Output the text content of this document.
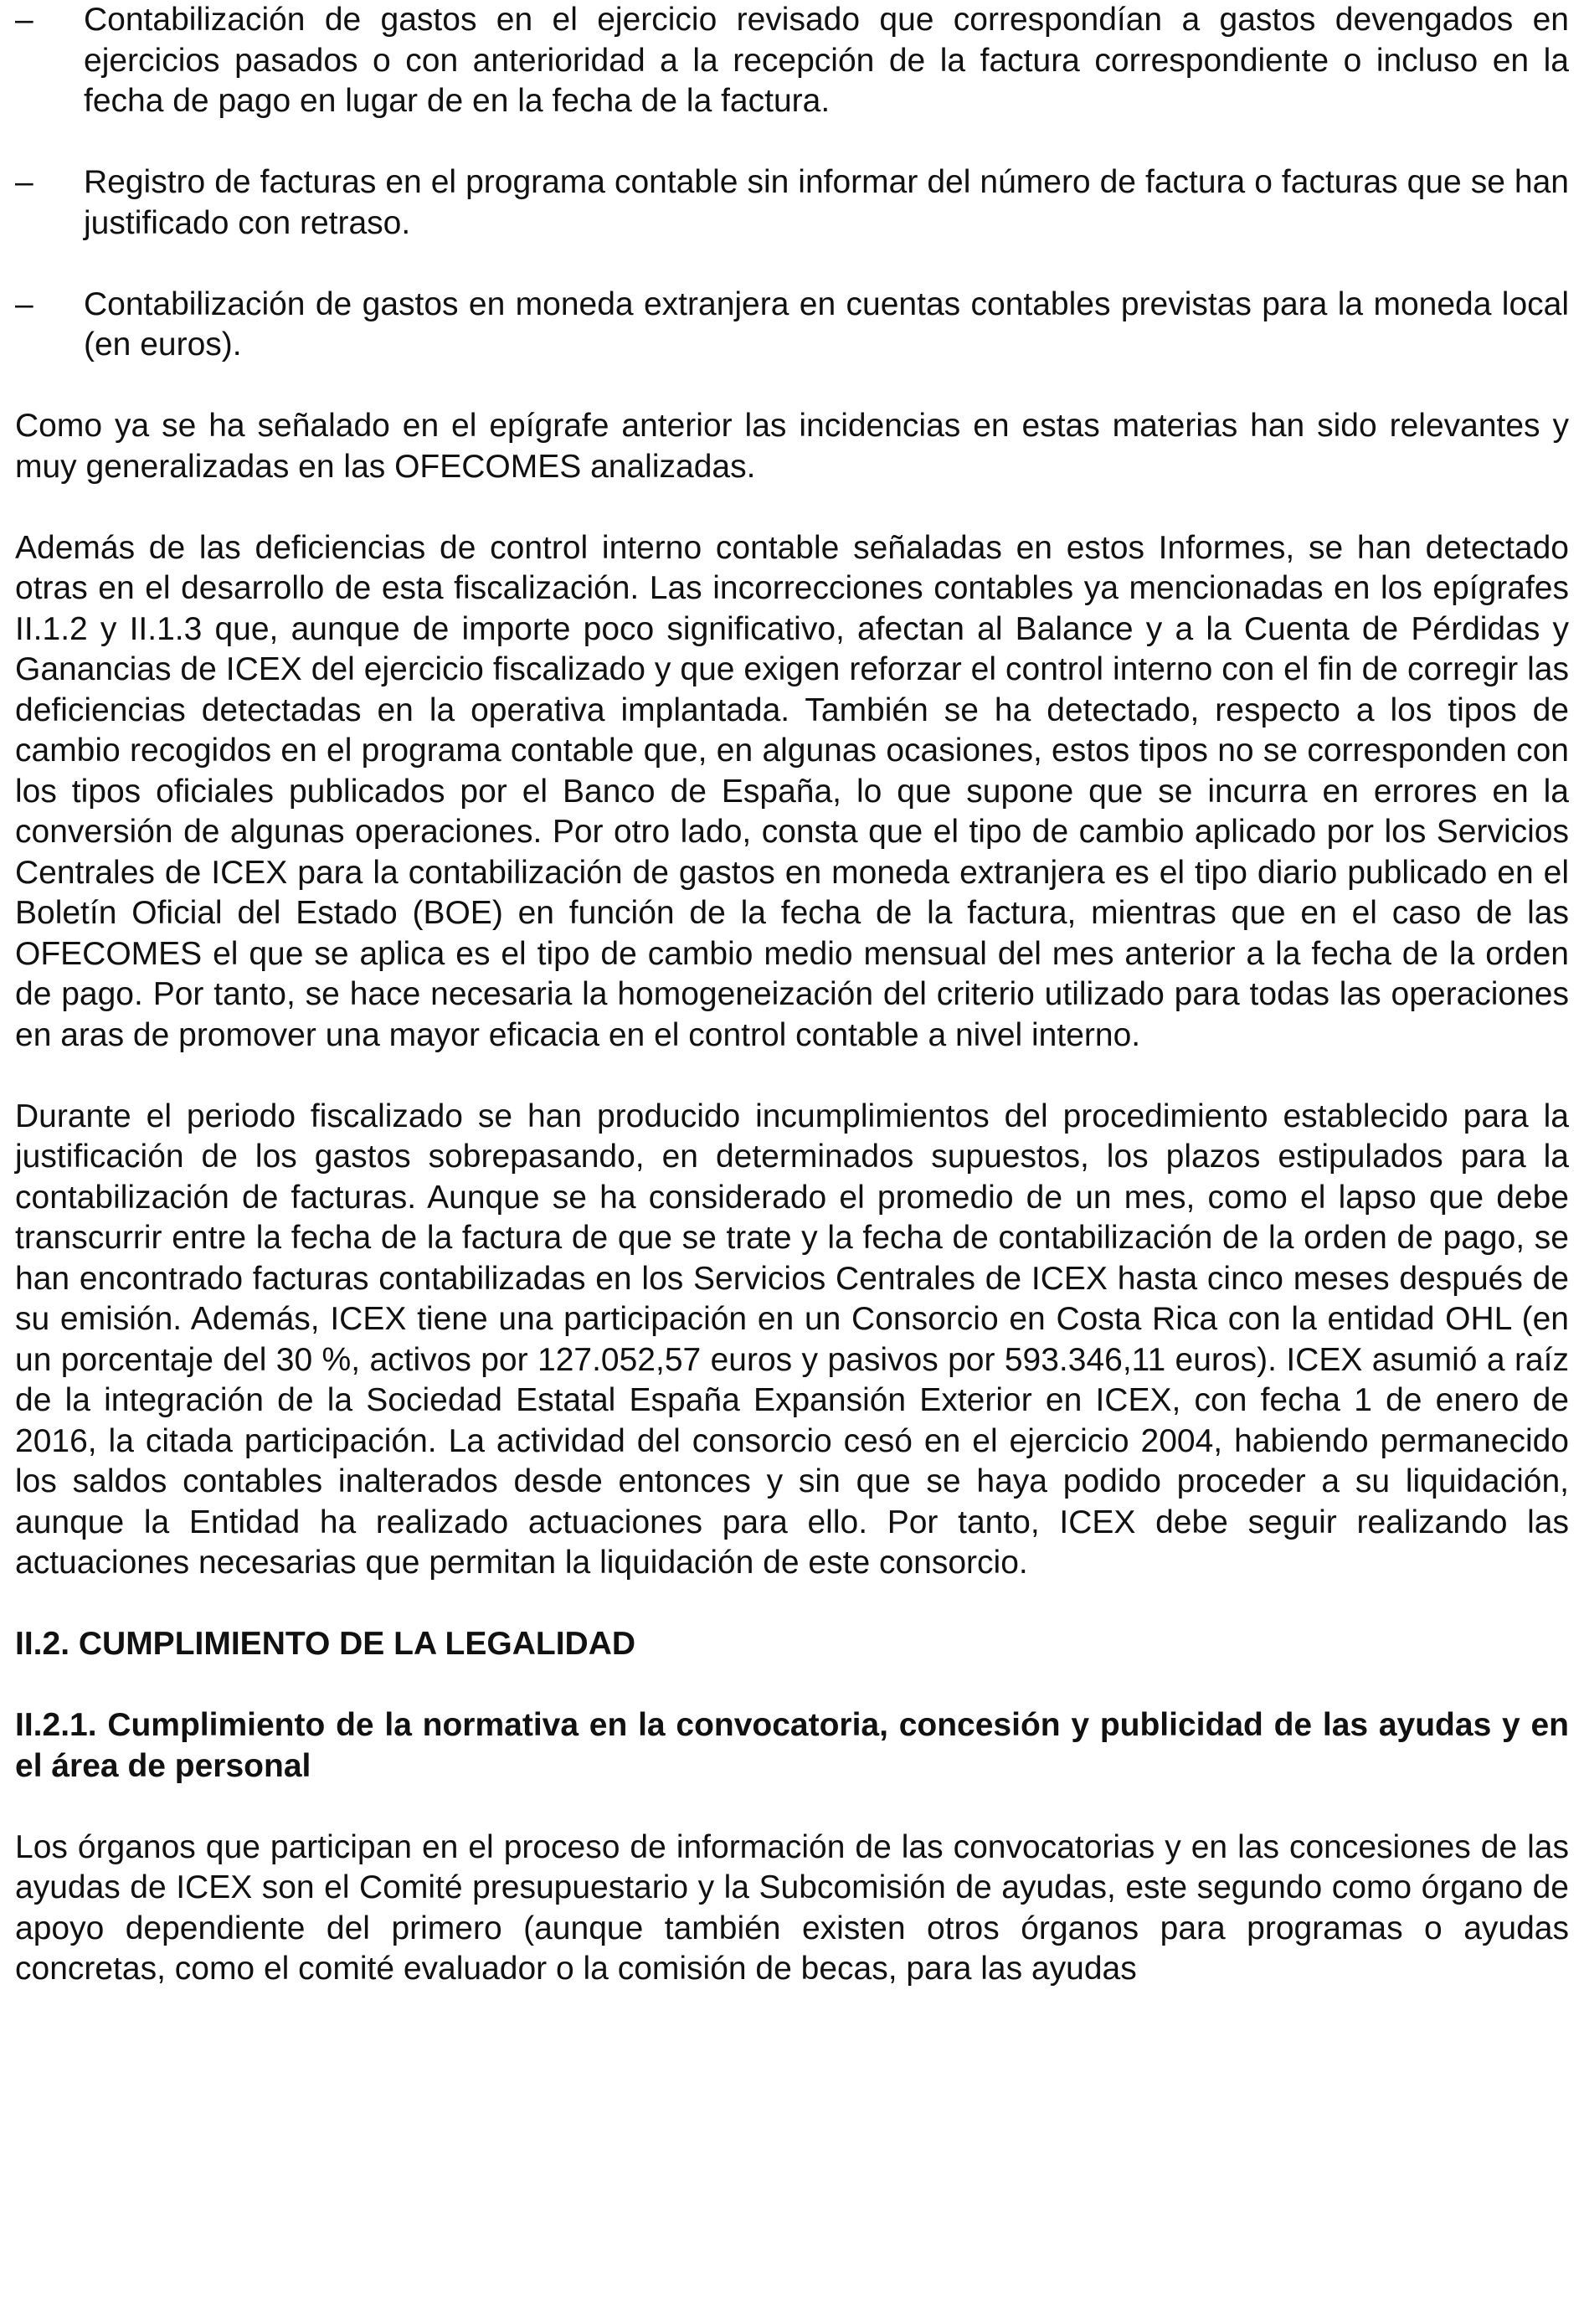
–	Contabilización de gastos en el ejercicio revisado que correspondían a gastos devengados en ejercicios pasados o con anterioridad a la recepción de la factura correspondiente o incluso en la fecha de pago en lugar de en la fecha de la factura.
–	Registro de facturas en el programa contable sin informar del número de factura o facturas que se han justificado con retraso.
–	Contabilización de gastos en moneda extranjera en cuentas contables previstas para la moneda local (en euros).

Como ya se ha señalado en el epígrafe anterior las incidencias en estas materias han sido relevantes y muy generalizadas en las OFECOMES analizadas.

Además de las deficiencias de control interno contable señaladas en estos Informes, se han detectado otras en el desarrollo de esta fiscalización. Las incorrecciones contables ya mencionadas en los epígrafes II.1.2 y II.1.3 que, aunque de importe poco significativo, afectan al Balance y a la Cuenta de Pérdidas y Ganancias de ICEX del ejercicio fiscalizado y que exigen reforzar el control interno con el fin de corregir las deficiencias detectadas en la operativa implantada. También se ha detectado, respecto a los tipos de cambio recogidos en el programa contable que, en algunas ocasiones, estos tipos no se corresponden con los tipos oficiales publicados por el Banco de España, lo que supone que se incurra en errores en la conversión de algunas operaciones. Por otro lado, consta que el tipo de cambio aplicado por los Servicios Centrales de ICEX para la contabilización de gastos en moneda extranjera es el tipo diario publicado en el Boletín Oficial del Estado (BOE) en función de la fecha de la factura, mientras que en el caso de las OFECOMES el que se aplica es el tipo de cambio medio mensual del mes anterior a la fecha de la orden de pago. Por tanto, se hace necesaria la homogeneización del criterio utilizado para todas las operaciones en aras de promover una mayor eficacia en el control contable a nivel interno.

Durante el periodo fiscalizado se han producido incumplimientos del procedimiento establecido para la justificación de los gastos sobrepasando, en determinados supuestos, los plazos estipulados para la contabilización de facturas. Aunque se ha considerado el promedio de un mes, como el lapso que debe transcurrir entre la fecha de la factura de que se trate y la fecha de contabilización de la orden de pago, se han encontrado facturas contabilizadas en los Servicios Centrales de ICEX hasta cinco meses después de su emisión. Además, ICEX tiene una participación en un Consorcio en Costa Rica con la entidad OHL (en un porcentaje del 30 %, activos por 127.052,57 euros y pasivos por 593.346,11 euros). ICEX asumió a raíz de la integración de la Sociedad Estatal España Expansión Exterior en ICEX, con fecha 1 de enero de 2016, la citada participación. La actividad del consorcio cesó en el ejercicio 2004, habiendo permanecido los saldos contables inalterados desde entonces y sin que se haya podido proceder a su liquidación, aunque la Entidad ha realizado actuaciones para ello. Por tanto, ICEX debe seguir realizando las actuaciones necesarias que permitan la liquidación de este consorcio.

II.2. CUMPLIMIENTO DE LA LEGALIDAD
II.2.1. Cumplimiento de la normativa en la convocatoria, concesión y publicidad de las ayudas y en el área de personal

Los órganos que participan en el proceso de información de las convocatorias y en las concesiones de las ayudas de ICEX son el Comité presupuestario y la Subcomisión de ayudas, este segundo como órgano de apoyo dependiente del primero (aunque también existen otros órganos para programas o ayudas concretas, como el comité evaluador o la comisión de becas, para las ayudas
